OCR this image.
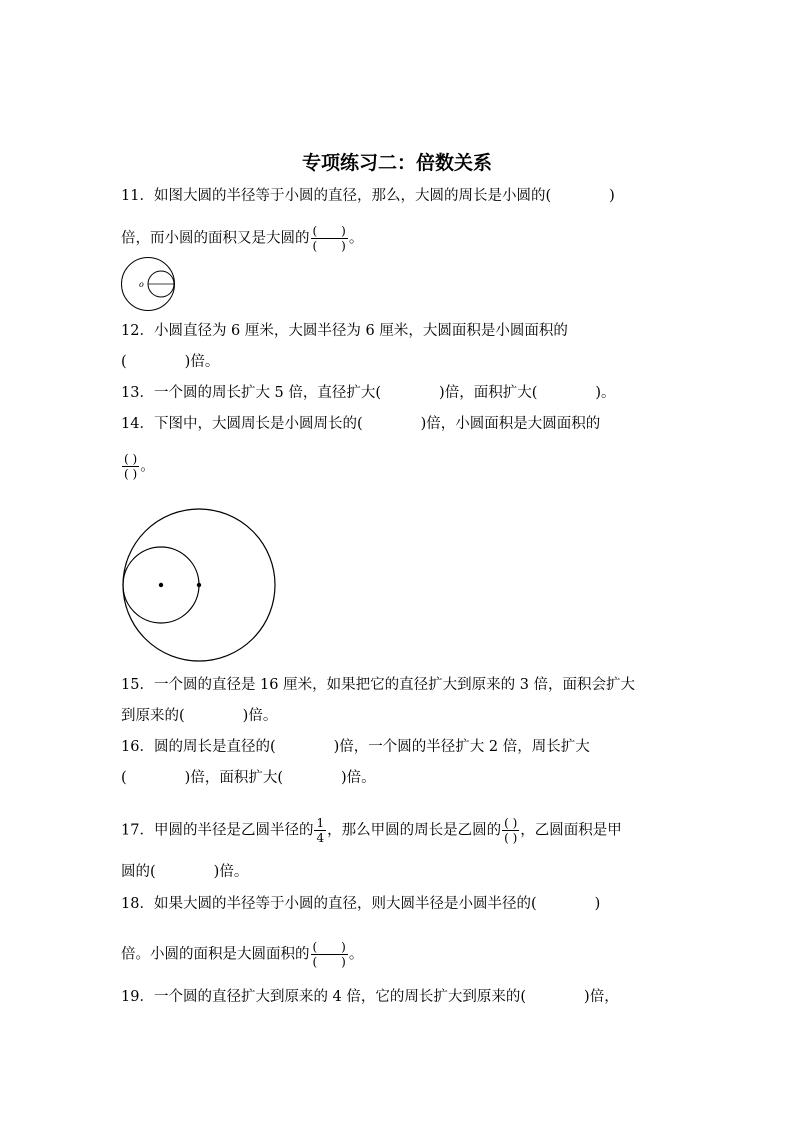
专项练习二：倍数关系
11．如图大圆的半径等于小圆的直径，那么，大圆的周长是小圆的(　　　　)
倍，而小圆的面积又是大圆的 $\frac{( )}{( )}$ 。
o
12．小圆直径为 6 厘米，大圆半径为 6 厘米，大圆面积是小圆面积的
(　　　　)倍。
13．一个圆的周长扩大 5 倍，直径扩大(　　　　)倍，面积扩大(　　　　)。
14．下图中，大圆周长是小圆周长的(　　　　)倍，小圆面积是大圆面积的
$\frac{( )}{( )}$ 。
15．一个圆的直径是 16 厘米，如果把它的直径扩大到原来的 3 倍，面积会扩大
到原来的(　　　　)倍。
16．圆的周长是直径的(　　　　)倍，一个圆的半径扩大 2 倍，周长扩大
(　　　　)倍，面积扩大(　　　　)倍。
17．甲圆的半径是乙圆半径的 $\frac{1}{4}$ ，那么甲圆的周长是乙圆的 $\frac{( )}{( )}$ ，乙圆面积是甲
圆的(　　　　)倍。
18．如果大圆的半径等于小圆的直径，则大圆半径是小圆半径的(　　　　)
倍。小圆的面积是大圆面积的 $\frac{( )}{( )}$ 。
19．一个圆的直径扩大到原来的 4 倍，它的周长扩大到原来的(　　　　)倍，
